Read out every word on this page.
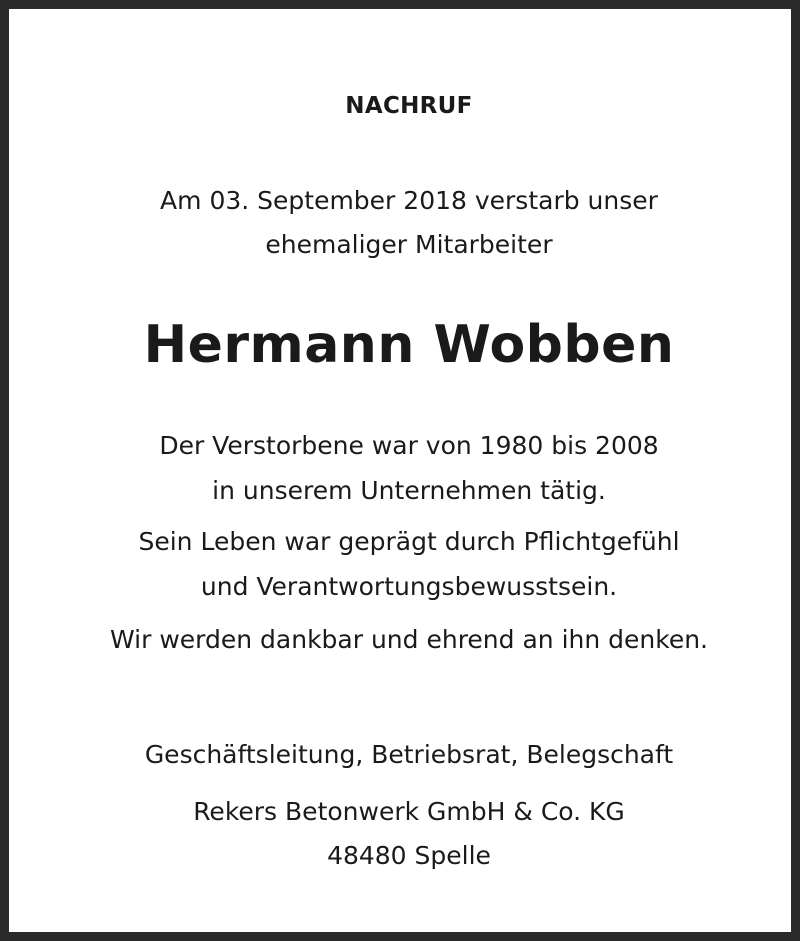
NACHRUF

Am 03. September 2018 verstarb unser

ehemaliger Mitarbeiter

Hermann Wobben

Der Verstorbene war von 1980 bis 2008

in unserem Unternehmen tätig.

Sein Leben war geprägt durch Pflichtgefühl

und Verantwortungsbewusstsein.

Wir werden dankbar und ehrend an ihn denken.

Geschäftsleitung, Betriebsrat, Belegschaft

Rekers Betonwerk GmbH & Co. KG

48480 Spelle
